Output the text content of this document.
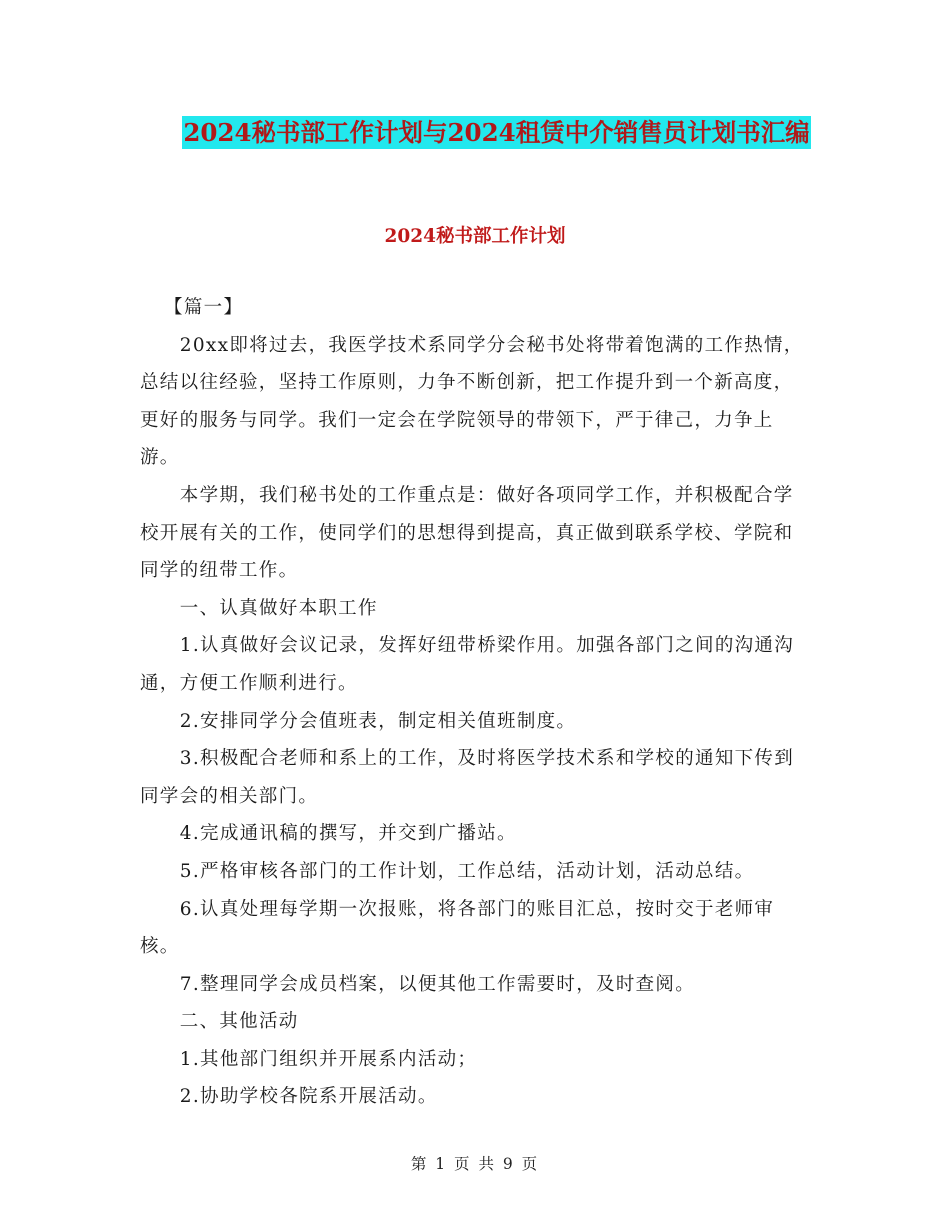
2024秘书部工作计划与2024租赁中介销售员计划书汇编
2024秘书部工作计划

【篇一】

20xx即将过去，我医学技术系同学分会秘书处将带着饱满的工作热情，总结以往经验，坚持工作原则，力争不断创新，把工作提升到一个新高度，更好的服务与同学。我们一定会在学院领导的带领下，严于律己，力争上游。

本学期，我们秘书处的工作重点是：做好各项同学工作，并积极配合学校开展有关的工作，使同学们的思想得到提高，真正做到联系学校、学院和同学的纽带工作。

一、认真做好本职工作

1.认真做好会议记录，发挥好纽带桥梁作用。加强各部门之间的沟通沟通，方便工作顺利进行。

2.安排同学分会值班表，制定相关值班制度。

3.积极配合老师和系上的工作，及时将医学技术系和学校的通知下传到同学会的相关部门。

4.完成通讯稿的撰写，并交到广播站。

5.严格审核各部门的工作计划，工作总结，活动计划，活动总结。

6.认真处理每学期一次报账，将各部门的账目汇总，按时交于老师审核。

7.整理同学会成员档案，以便其他工作需要时，及时查阅。

二、其他活动

1.其他部门组织并开展系内活动；

2.协助学校各院系开展活动。

第 1 页 共 9 页
